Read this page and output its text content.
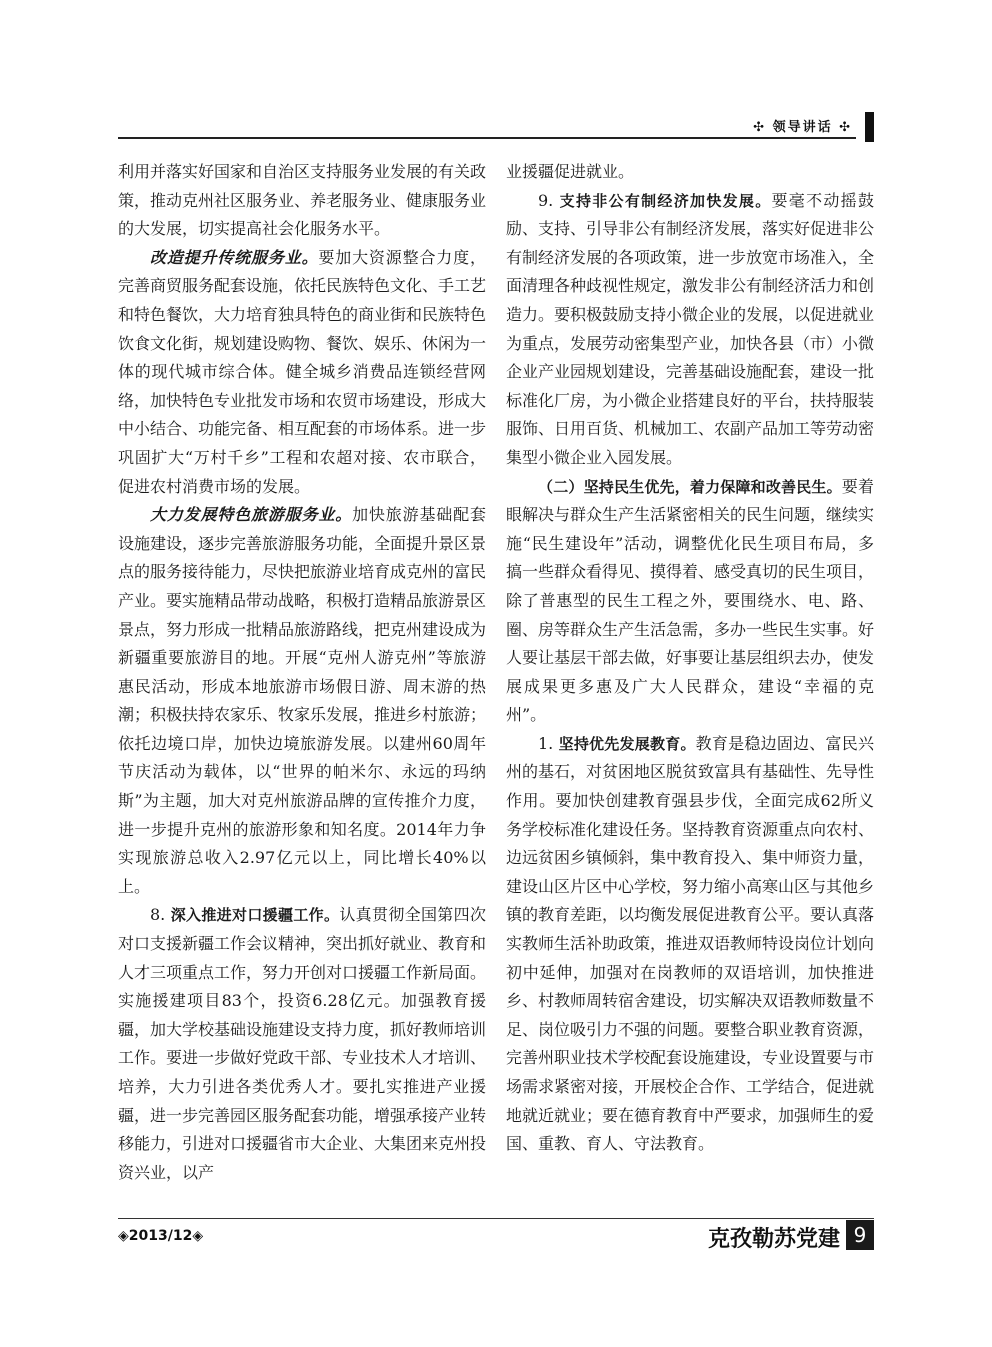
✣ 领导讲话 ✣

利用并落实好国家和自治区支持服务业发展的有关政策，推动克州社区服务业、养老服务业、健康服务业的大发展，切实提高社会化服务水平。

改造提升传统服务业。要加大资源整合力度，完善商贸服务配套设施，依托民族特色文化、手工艺和特色餐饮，大力培育独具特色的商业街和民族特色饮食文化街，规划建设购物、餐饮、娱乐、休闲为一体的现代城市综合体。健全城乡消费品连锁经营网络，加快特色专业批发市场和农贸市场建设，形成大中小结合、功能完备、相互配套的市场体系。进一步巩固扩大“万村千乡”工程和农超对接、农市联合，促进农村消费市场的发展。

大力发展特色旅游服务业。加快旅游基础配套设施建设，逐步完善旅游服务功能，全面提升景区景点的服务接待能力，尽快把旅游业培育成克州的富民产业。要实施精品带动战略，积极打造精品旅游景区景点，努力形成一批精品旅游路线，把克州建设成为新疆重要旅游目的地。开展“克州人游克州”等旅游惠民活动，形成本地旅游市场假日游、周末游的热潮；积极扶持农家乐、牧家乐发展，推进乡村旅游；依托边境口岸，加快边境旅游发展。以建州60周年节庆活动为载体，以“世界的帕米尔、永远的玛纳斯”为主题，加大对克州旅游品牌的宣传推介力度，进一步提升克州的旅游形象和知名度。2014年力争实现旅游总收入2.97亿元以上，同比增长40%以上。

8. 深入推进对口援疆工作。认真贯彻全国第四次对口支援新疆工作会议精神，突出抓好就业、教育和人才三项重点工作，努力开创对口援疆工作新局面。实施援建项目83个，投资6.28亿元。加强教育援疆，加大学校基础设施建设支持力度，抓好教师培训工作。要进一步做好党政干部、专业技术人才培训、培养，大力引进各类优秀人才。要扎实推进产业援疆，进一步完善园区服务配套功能，增强承接产业转移能力，引进对口援疆省市大企业、大集团来克州投资兴业，以产

业援疆促进就业。

9. 支持非公有制经济加快发展。要毫不动摇鼓励、支持、引导非公有制经济发展，落实好促进非公有制经济发展的各项政策，进一步放宽市场准入，全面清理各种歧视性规定，激发非公有制经济活力和创造力。要积极鼓励支持小微企业的发展，以促进就业为重点，发展劳动密集型产业，加快各县（市）小微企业产业园规划建设，完善基础设施配套，建设一批标准化厂房，为小微企业搭建良好的平台，扶持服装服饰、日用百货、机械加工、农副产品加工等劳动密集型小微企业入园发展。

（二）坚持民生优先，着力保障和改善民生。要着眼解决与群众生产生活紧密相关的民生问题，继续实施“民生建设年”活动，调整优化民生项目布局，多搞一些群众看得见、摸得着、感受真切的民生项目，除了普惠型的民生工程之外，要围绕水、电、路、圈、房等群众生产生活急需，多办一些民生实事。好人要让基层干部去做，好事要让基层组织去办，使发展成果更多惠及广大人民群众，建设“幸福的克州”。

1. 坚持优先发展教育。教育是稳边固边、富民兴州的基石，对贫困地区脱贫致富具有基础性、先导性作用。要加快创建教育强县步伐，全面完成62所义务学校标准化建设任务。坚持教育资源重点向农村、边远贫困乡镇倾斜，集中教育投入、集中师资力量，建设山区片区中心学校，努力缩小高寒山区与其他乡镇的教育差距，以均衡发展促进教育公平。要认真落实教师生活补助政策，推进双语教师特设岗位计划向初中延伸，加强对在岗教师的双语培训，加快推进乡、村教师周转宿舍建设，切实解决双语教师数量不足、岗位吸引力不强的问题。要整合职业教育资源，完善州职业技术学校配套设施建设，专业设置要与市场需求紧密对接，开展校企合作、工学结合，促进就地就近就业；要在德育教育中严要求，加强师生的爱国、重教、育人、守法教育。

◈2013/12◈	克孜勒苏党建 9
